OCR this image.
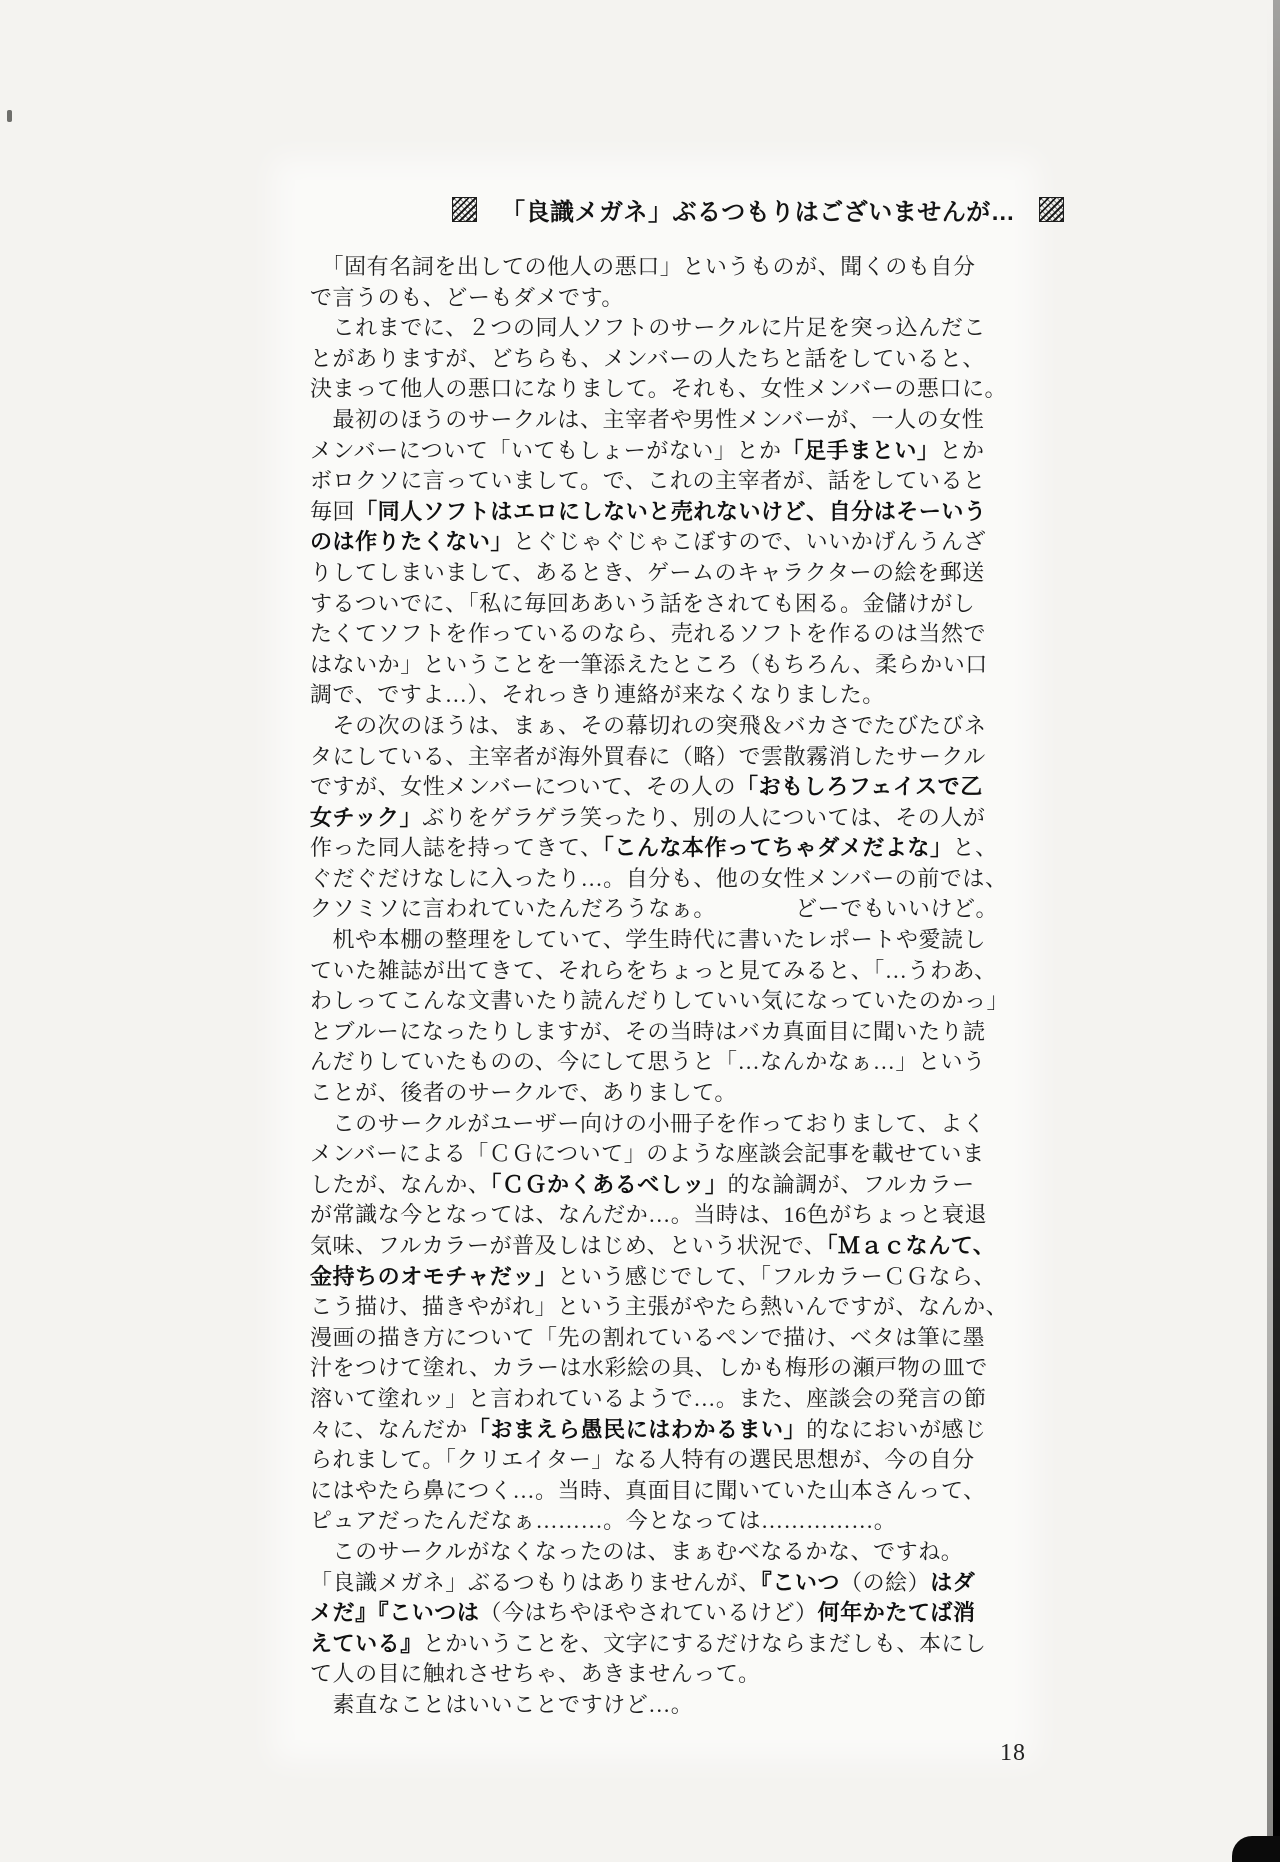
「良識メガネ」ぶるつもりはございませんが…
　「固有名詞を出しての他人の悪口」というものが、聞くのも自分
で言うのも、どーもダメです。
　これまでに、２つの同人ソフトのサークルに片足を突っ込んだこ
とがありますが、どちらも、メンバーの人たちと話をしていると、
決まって他人の悪口になりまして。それも、女性メンバーの悪口に。
　最初のほうのサークルは、主宰者や男性メンバーが、一人の女性
メンバーについて「いてもしょーがない」とか「足手まとい」とか
ボロクソに言っていまして。で、これの主宰者が、話をしていると
毎回「同人ソフトはエロにしないと売れないけど、自分はそーいう
のは作りたくない」とぐじゃぐじゃこぼすので、いいかげんうんざ
りしてしまいまして、あるとき、ゲームのキャラクターの絵を郵送
するついでに、「私に毎回ああいう話をされても困る。金儲けがし
たくてソフトを作っているのなら、売れるソフトを作るのは当然で
はないか」ということを一筆添えたところ（もちろん、柔らかい口
調で、ですよ…）、それっきり連絡が来なくなりました。
　その次のほうは、まぁ、その幕切れの突飛＆バカさでたびたびネ
タにしている、主宰者が海外買春に（略）で雲散霧消したサークル
ですが、女性メンバーについて、その人の「おもしろフェイスで乙
女チック」ぶりをゲラゲラ笑ったり、別の人については、その人が
作った同人誌を持ってきて、「こんな本作ってちゃダメだよな」と、
ぐだぐだけなしに入ったり…。自分も、他の女性メンバーの前では、
クソミソに言われていたんだろうなぁ。　　　　どーでもいいけど。
　机や本棚の整理をしていて、学生時代に書いたレポートや愛読し
ていた雑誌が出てきて、それらをちょっと見てみると、「…うわあ、
わしってこんな文書いたり読んだりしていい気になっていたのかっ」
とブルーになったりしますが、その当時はバカ真面目に聞いたり読
んだりしていたものの、今にして思うと「…なんかなぁ…」という
ことが、後者のサークルで、ありまして。
　このサークルがユーザー向けの小冊子を作っておりまして、よく
メンバーによる「ＣＧについて」のような座談会記事を載せていま
したが、なんか、「ＣＧかくあるべしッ」的な論調が、フルカラー
が常識な今となっては、なんだか…。当時は、16色がちょっと衰退
気味、フルカラーが普及しはじめ、という状況で、「Ｍａｃなんて、
金持ちのオモチャだッ」という感じでして、「フルカラーＣＧなら、
こう描け、描きやがれ」という主張がやたら熱いんですが、なんか、
漫画の描き方について「先の割れているペンで描け、ベタは筆に墨
汁をつけて塗れ、カラーは水彩絵の具、しかも梅形の瀬戸物の皿で
溶いて塗れッ」と言われているようで…。また、座談会の発言の節
々に、なんだか「おまえら愚民にはわかるまい」的なにおいが感じ
られまして。「クリエイター」なる人特有の選民思想が、今の自分
にはやたら鼻につく…。当時、真面目に聞いていた山本さんって、
ピュアだったんだなぁ………。今となっては……………。
　このサークルがなくなったのは、まぁむべなるかな、ですね。
「良識メガネ」ぶるつもりはありませんが、『こいつ（の絵）はダ
メだ』『こいつは（今はちやほやされているけど）何年かたてば消
えている』とかいうことを、文字にするだけならまだしも、本にし
て人の目に触れさせちゃ、あきませんって。
　素直なことはいいことですけど…。
18
